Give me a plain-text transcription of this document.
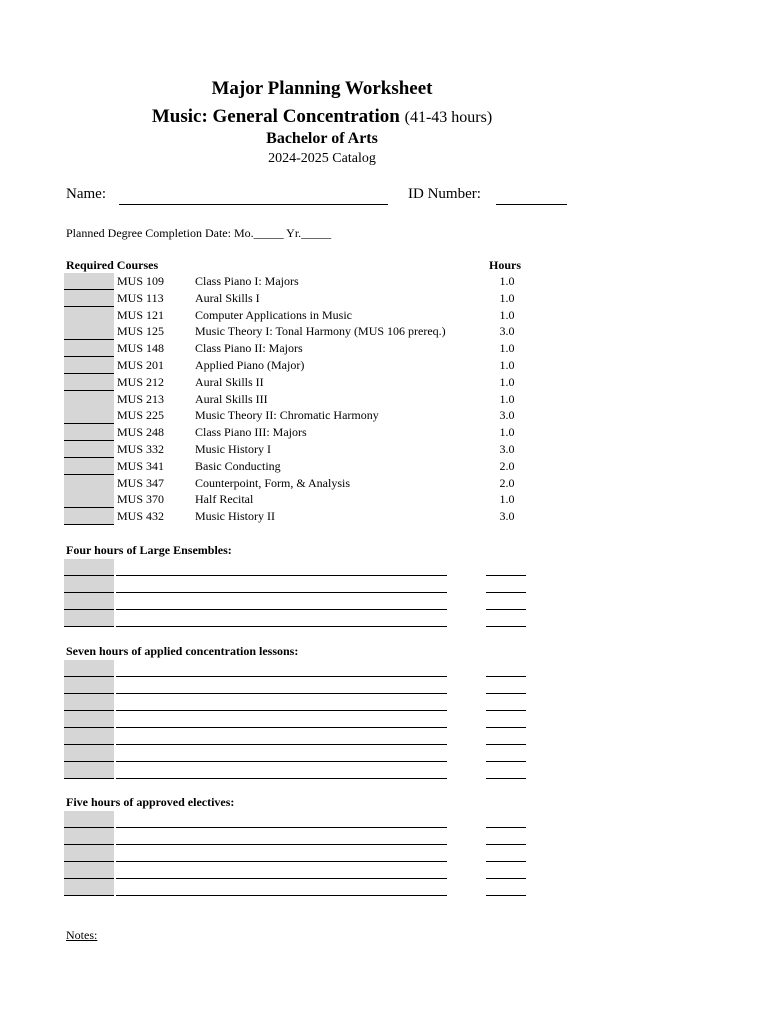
Major Planning Worksheet
Music: General Concentration (41-43 hours)
Bachelor of Arts
2024-2025 Catalog
Name:	ID Number:
Planned Degree Completion Date: Mo._____ Yr._____
Required Courses	Hours
MUS 109	Class Piano I: Majors	1.0
MUS 113	Aural Skills I	1.0
MUS 121	Computer Applications in Music	1.0
MUS 125	Music Theory I: Tonal Harmony (MUS 106 prereq.)	3.0
MUS 148	Class Piano II: Majors	1.0
MUS 201	Applied Piano (Major)	1.0
MUS 212	Aural Skills II	1.0
MUS 213	Aural Skills III	1.0
MUS 225	Music Theory II: Chromatic Harmony	3.0
MUS 248	Class Piano III: Majors	1.0
MUS 332	Music History I	3.0
MUS 341	Basic Conducting	2.0
MUS 347	Counterpoint, Form, & Analysis	2.0
MUS 370	Half Recital	1.0
MUS 432	Music History II	3.0
Four hours of Large Ensembles:
Seven hours of applied concentration lessons:
Five hours of approved electives:
Notes:
